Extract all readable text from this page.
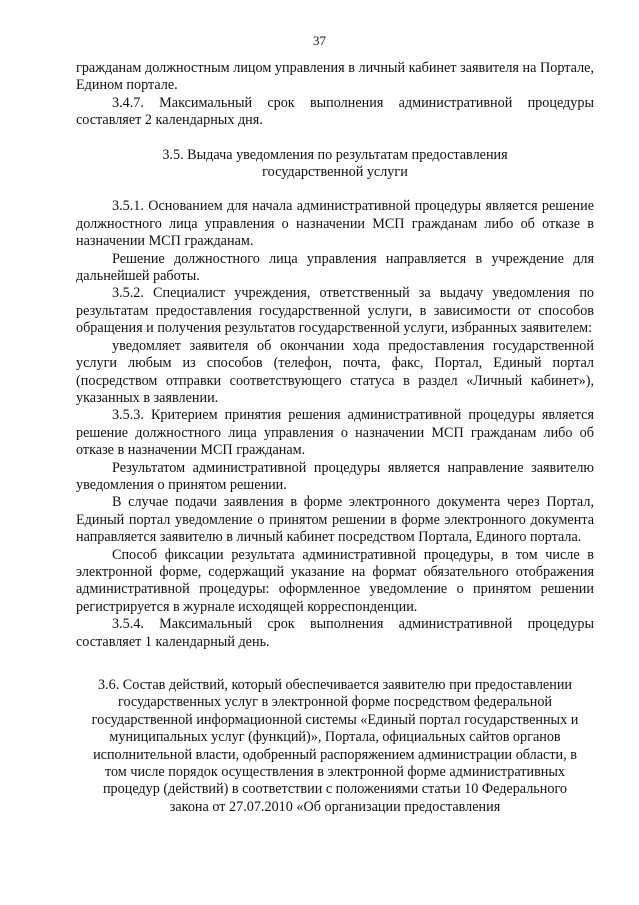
37

гражданам должностным лицом управления в личный кабинет заявителя на Портале, Едином портале.

3.4.7. Максимальный срок выполнения административной процедуры составляет 2 календарных дня.

3.5. Выдача уведомления по результатам предоставления государственной услуги

3.5.1. Основанием для начала административной процедуры является решение должностного лица управления о назначении МСП гражданам либо об отказе в назначении МСП гражданам.

Решение должностного лица управления направляется в учреждение для дальнейшей работы.

3.5.2. Специалист учреждения, ответственный за выдачу уведомления по результатам предоставления государственной услуги, в зависимости от способов обращения и получения результатов государственной услуги, избранных заявителем:

уведомляет заявителя об окончании хода предоставления государственной услуги любым из способов (телефон, почта, факс, Портал, Единый портал (посредством отправки соответствующего статуса в раздел «Личный кабинет»), указанных в заявлении.

3.5.3. Критерием принятия решения административной процедуры является решение должностного лица управления о назначении МСП гражданам либо об отказе в назначении МСП гражданам.

Результатом административной процедуры является направление заявителю уведомления о принятом решении.

В случае подачи заявления в форме электронного документа через Портал, Единый портал уведомление о принятом решении в форме электронного документа направляется заявителю в личный кабинет посредством Портала, Единого портала.

Способ фиксации результата административной процедуры, в том числе в электронной форме, содержащий указание на формат обязательного отображения административной процедуры: оформленное уведомление о принятом решении регистрируется в журнале исходящей корреспонденции.

3.5.4. Максимальный срок выполнения административной процедуры составляет 1 календарный день.

3.6. Состав действий, который обеспечивается заявителю при предоставлении государственных услуг в электронной форме посредством федеральной государственной информационной системы «Единый портал государственных и муниципальных услуг (функций)», Портала, официальных сайтов органов исполнительной власти, одобренный распоряжением администрации области, в том числе порядок осуществления в электронной форме административных процедур (действий) в соответствии с положениями статьи 10 Федерального закона от 27.07.2010 «Об организации предоставления
